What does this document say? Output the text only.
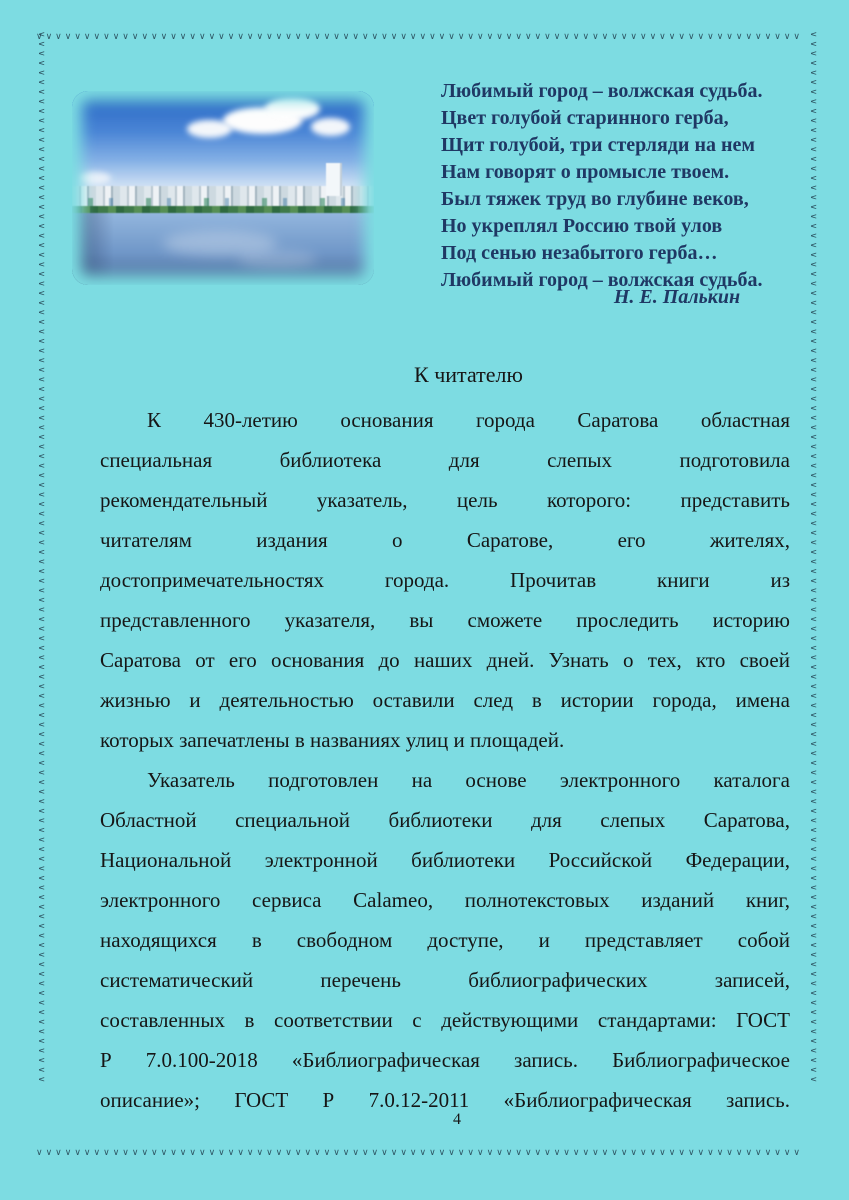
∨∨∨∨∨∨∨∨∨∨∨∨∨∨∨∨∨∨∨∨∨∨∨∨∨∨∨∨∨∨∨∨∨∨∨∨∨∨∨∨∨∨∨∨∨∨∨∨∨∨∨∨∨∨∨∨∨∨∨∨∨∨∨∨∨∨∨∨∨∨∨∨∨∨∨∨∨∨∨∨
∨∨∨∨∨∨∨∨∨∨∨∨∨∨∨∨∨∨∨∨∨∨∨∨∨∨∨∨∨∨∨∨∨∨∨∨∨∨∨∨∨∨∨∨∨∨∨∨∨∨∨∨∨∨∨∨∨∨∨∨∨∨∨∨∨∨∨∨∨∨∨∨∨∨∨∨∨∨∨∨
∨∨∨∨∨∨∨∨∨∨∨∨∨∨∨∨∨∨∨∨∨∨∨∨∨∨∨∨∨∨∨∨∨∨∨∨∨∨∨∨∨∨∨∨∨∨∨∨∨∨∨∨∨∨∨∨∨∨∨∨∨∨∨∨∨∨∨∨∨∨∨∨∨∨∨∨∨∨∨∨∨∨∨∨∨∨∨∨∨∨∨∨∨∨∨∨∨∨∨∨∨∨∨∨∨∨∨∨∨∨	∨∨∨∨∨∨∨∨∨∨∨∨∨∨∨∨∨∨∨∨∨∨∨∨∨∨∨∨∨∨∨∨∨∨∨∨∨∨∨∨∨∨∨∨∨∨∨∨∨∨∨∨∨∨∨∨∨∨∨∨∨∨∨∨∨∨∨∨∨∨∨∨∨∨∨∨∨∨∨∨∨∨∨∨∨∨∨∨∨∨∨∨∨∨∨∨∨∨∨∨∨∨∨∨∨∨∨∨∨∨
Любимый город – волжская судьба.
Цвет голубой старинного герба,
Щит голубой, три стерляди на нем
Нам говорят о промысле твоем.
Был тяжек труд во глубине веков,
Но укреплял Россию твой улов
Под сенью незабытого герба…
Любимый город – волжская судьба.
Н. Е. Палькин
К читателю
К 430-летию основания города Саратова областная
специальная библиотека для слепых подготовила
рекомендательный указатель, цель которого: представить
читателям издания о Саратове, его жителях,
достопримечательностях города. Прочитав книги из
представленного указателя, вы сможете проследить историю
Саратова от его основания до наших дней. Узнать о тех, кто своей
жизнью и деятельностью оставили след в истории города, имена
которых запечатлены в названиях улиц и площадей.
Указатель подготовлен на основе электронного каталога
Областной специальной библиотеки для слепых Саратова,
Национальной электронной библиотеки Российской Федерации,
электронного сервиса Calameo, полнотекстовых изданий книг,
находящихся в свободном доступе, и представляет собой
систематический перечень библиографических записей,
составленных в соответствии с действующими стандартами: ГОСТ
Р 7.0.100-2018 «Библиографическая запись. Библиографическое
описание»; ГОСТ Р 7.0.12-2011 «Библиографическая запись.
4
